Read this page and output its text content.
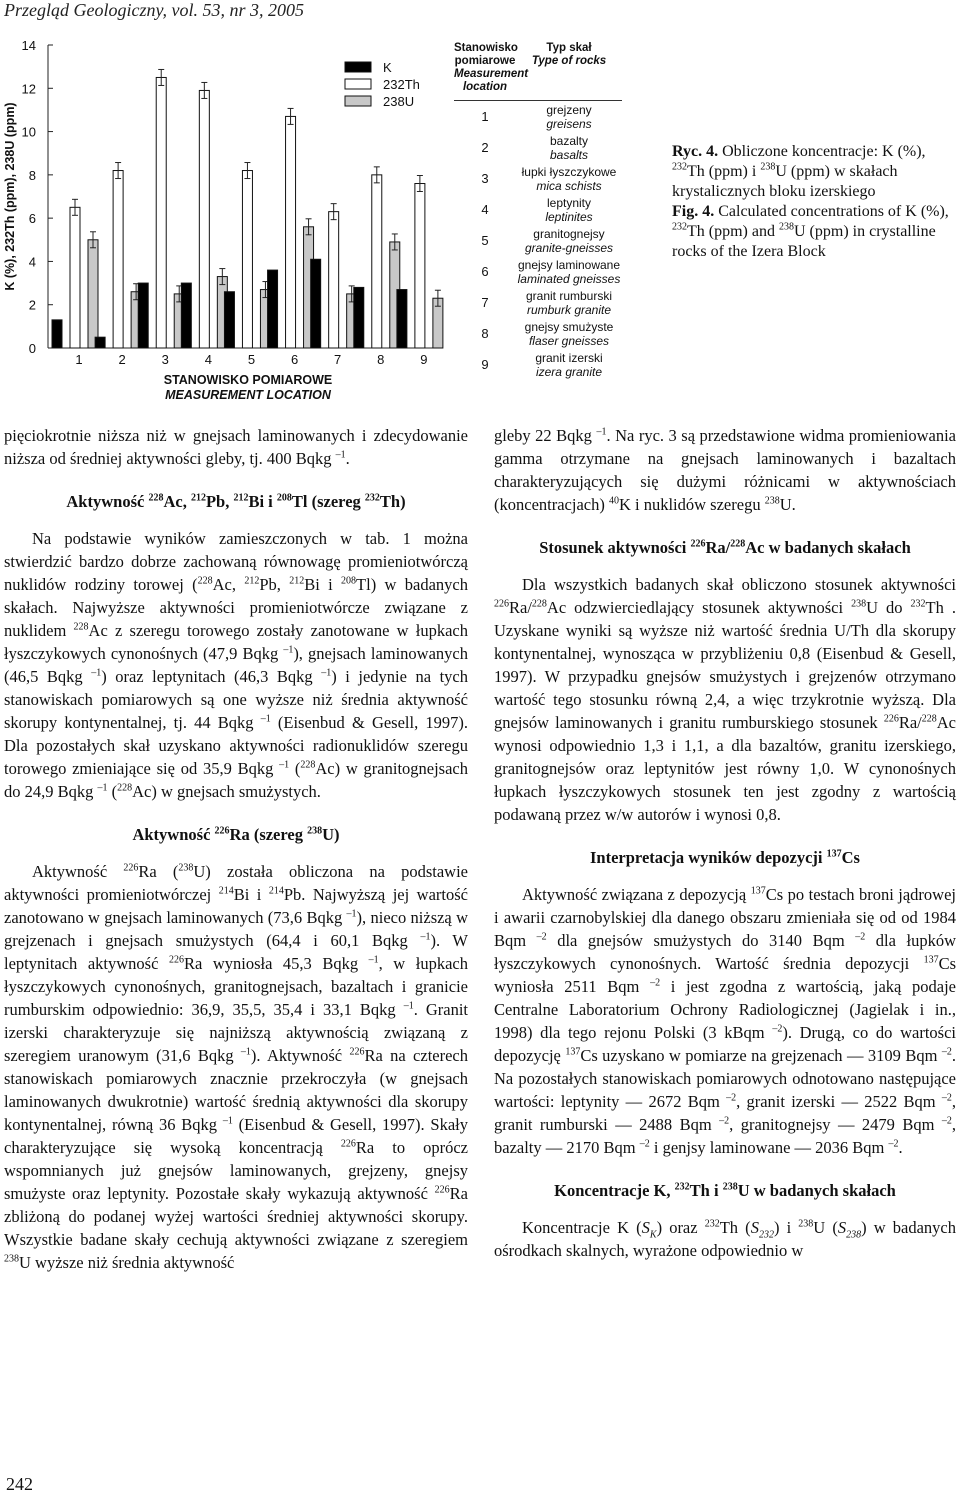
Przegląd Geologiczny, vol. 53, nr 3, 2005
0
2
4
6
8
10
12
14
K (%), 232Th (ppm), 238U (ppm)
1	2	3	4	5	6	7	8	9
STANOWISKO POMIAROWE
MEASUREMENT LOCATION
K
232Th
238U
Stanowisko pomiarowe
Measurement location
Typ skał
Type of rocks
1	grejzeny
greisens
2	bazalty
basalts
3	łupki łyszczykowe
mica schists
4	leptynity
leptinites
5	granitognejsy
granite-gneisses
6	gnejsy laminowane
laminated gneisses
7	granit rumburski
rumburk granite
8	gnejsy smużyste
flaser gneisses
9	granit izerski
izera granite
Ryc. 4. Obliczone koncentracje: K (%), $^{232}$Th (ppm) i $^{238}$U (ppm) w skałach krystalicznych bloku izerskiego
Fig. 4. Calculated concentrations of K (%), $^{232}$Th (ppm) and $^{238}$U (ppm) in crystalline rocks of the Izera Block

pięciokrotnie niższa niż w gnejsach laminowanych i zdecydowanie niższa od średniej aktywności gleby, tj. 400 Bqkg $^{-1}$.

Aktywność $^{228}$Ac, $^{212}$Pb, $^{212}$Bi i $^{208}$Tl (szereg $^{232}$Th)

Na podstawie wyników zamieszczonych w tab. 1 można stwierdzić bardzo dobrze zachowaną równowagę promieniotwórczą nuklidów rodziny torowej ($^{228}$Ac, $^{212}$Pb, $^{212}$Bi i $^{208}$Tl) w badanych skałach. Najwyższe aktywności promieniotwórcze związane z nuklidem $^{228}$Ac z szeregu torowego zostały zanotowane w łupkach łyszczykowych cynonośnych (47,9 Bqkg $^{-1}$), gnejsach laminowanych (46,5 Bqkg $^{-1}$) oraz leptynitach (46,3 Bqkg $^{-1}$) i jedynie na tych stanowiskach pomiarowych są one wyższe niż średnia aktywność skorupy kontynentalnej, tj. 44 Bqkg $^{-1}$ (Eisenbud & Gesell, 1997). Dla pozostałych skał uzyskano aktywności radionuklidów szeregu torowego zmieniające się od 35,9 Bqkg $^{-1}$ ($^{228}$Ac) w granitognejsach do 24,9 Bqkg $^{-1}$ ($^{228}$Ac) w gnejsach smużystych.

Aktywność $^{226}$Ra (szereg $^{238}$U)

Aktywność $^{226}$Ra ($^{238}$U) została obliczona na podstawie aktywności promieniotwórczej $^{214}$Bi i $^{214}$Pb. Najwyższą jej wartość zanotowano w gnejsach laminowanych (73,6 Bqkg $^{-1}$), nieco niższą w grejzenach i gnejsach smużystych (64,4 i 60,1 Bqkg $^{-1}$). W leptynitach aktywność $^{226}$Ra wyniosła 45,3 Bqkg $^{-1}$, w łupkach łyszczykowych cynonośnych, granitognejsach, bazaltach i granicie rumburskim odpowiednio: 36,9, 35,5, 35,4 i 33,1 Bqkg $^{-1}$. Granit izerski charakteryzuje się najniższą aktywnością związaną z szeregiem uranowym (31,6 Bqkg $^{-1}$). Aktywność $^{226}$Ra na czterech stanowiskach pomiarowych znacznie przekroczyła (w gnejsach laminowanych dwukrotnie) wartość średnią aktywności dla skorupy kontynentalnej, równą 36 Bqkg $^{-1}$ (Eisenbud & Gesell, 1997). Skały charakteryzujące się wysoką koncentracją $^{226}$Ra to oprócz wspomnianych już gnejsów laminowanych, grejzeny, gnejsy smużyste oraz leptynity. Pozostałe skały wykazują aktywność $^{226}$Ra zbliżoną do podanej wyżej wartości średniej aktywności skorupy. Wszystkie badane skały cechują aktywności związane z szeregiem $^{238}$U wyższe niż średnia aktywność

gleby 22 Bqkg $^{-1}$. Na ryc. 3 są przedstawione widma promieniowania gamma otrzymane na gnejsach laminowanych i bazaltach charakteryzujących się dużymi różnicami w aktywnościach (koncentracjach) $^{40}$K i nuklidów szeregu $^{238}$U.

Stosunek aktywności $^{226}$Ra/$^{228}$Ac w badanych skałach

Dla wszystkich badanych skał obliczono stosunek aktywności $^{226}$Ra/$^{228}$Ac odzwierciedlający stosunek aktywności $^{238}$U do $^{232}$Th . Uzyskane wyniki są wyższe niż wartość średnia U/Th dla skorupy kontynentalnej, wynosząca w przybliżeniu 0,8 (Eisenbud & Gesell, 1997). W przypadku gnejsów smużystych i grejzenów otrzymano wartość tego stosunku równą 2,4, a więc trzykrotnie wyższą. Dla gnejsów laminowanych i granitu rumburskiego stosunek $^{226}$Ra/$^{228}$Ac wynosi odpowiednio 1,3 i 1,1, a dla bazaltów, granitu izerskiego, granitognejsów oraz leptynitów jest równy 1,0. W cynonośnych łupkach łyszczykowych stosunek ten jest zgodny z wartością podawaną przez w/w autorów i wynosi 0,8.

Interpretacja wyników depozycji $^{137}$Cs

Aktywność związana z depozycją $^{137}$Cs po testach broni jądrowej i awarii czarnobylskiej dla danego obszaru zmieniała się od od 1984 Bqm $^{-2}$ dla gnejsów smużystych do 3140 Bqm $^{-2}$ dla łupków łyszczykowych cynonośnych. Wartość średnia depozycji $^{137}$Cs wyniosła 2511 Bqm $^{-2}$ i jest zgodna z wartością, jaką podaje Centralne Laboratorium Ochrony Radiologicznej (Jagielak i in., 1998) dla tego rejonu Polski (3 kBqm $^{-2}$). Drugą, co do wartości depozycję $^{137}$Cs uzyskano w pomiarze na grejzenach — 3109 Bqm $^{-2}$. Na pozostałych stanowiskach pomiarowych odnotowano następujące wartości: leptynity — 2672 Bqm $^{-2}$, granit izerski — 2522 Bqm $^{-2}$, granit rumburski — 2488 Bqm $^{-2}$, granitognejsy — 2479 Bqm $^{-2}$, bazalty — 2170 Bqm $^{-2}$ i genjsy laminowane — 2036 Bqm $^{-2}$.

Koncentracje K, $^{232}$Th i $^{238}$U w badanych skałach

Koncentracje K $(S_K)$ oraz $^{232}$Th $(S_{232})$ i $^{238}$U $(S_{238})$ w badanych ośrodkach skalnych, wyrażone odpowiednio w

242
